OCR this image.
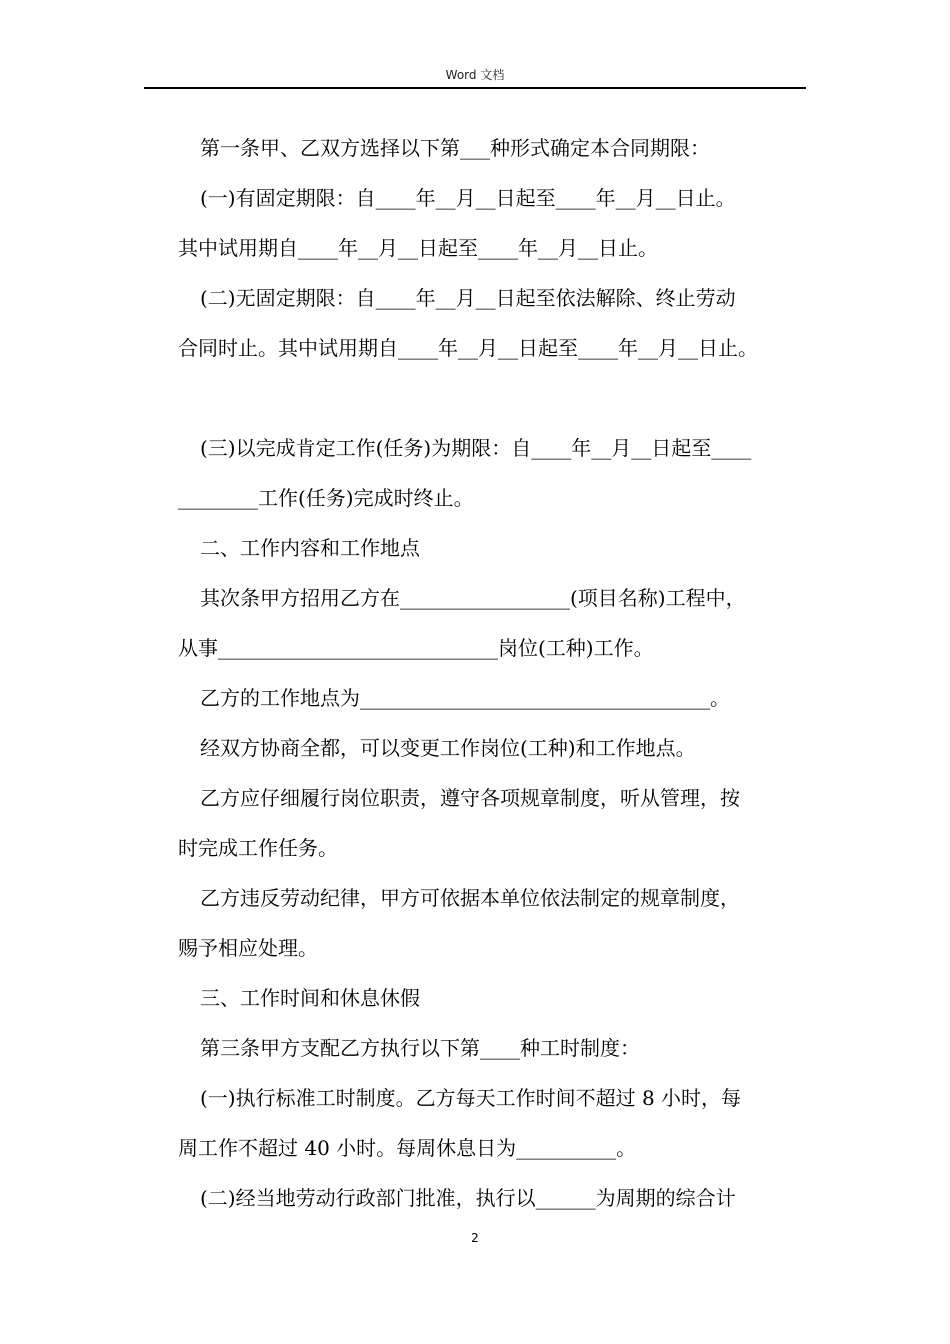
Word 文档
第一条甲、乙双方选择以下第___种形式确定本合同期限：
(一)有固定期限：自____年__月__日起至____年__月__日止。
其中试用期自____年__月__日起至____年__月__日止。
(二)无固定期限：自____年__月__日起至依法解除、终止劳动
合同时止。其中试用期自____年__月__日起至____年__月__日止。
(三)以完成肯定工作(任务)为期限：自____年__月__日起至____
________工作(任务)完成时终止。
二、工作内容和工作地点
其次条甲方招用乙方在_________________(项目名称)工程中，
从事____________________________岗位(工种)工作。
乙方的工作地点为___________________________________。
经双方协商全都，可以变更工作岗位(工种)和工作地点。
乙方应仔细履行岗位职责，遵守各项规章制度，听从管理，按
时完成工作任务。
乙方违反劳动纪律，甲方可依据本单位依法制定的规章制度，
赐予相应处理。
三、工作时间和休息休假
第三条甲方支配乙方执行以下第____种工时制度：
(一)执行标准工时制度。乙方每天工作时间不超过 8 小时，每
周工作不超过 40 小时。每周休息日为__________。
(二)经当地劳动行政部门批准，执行以______为周期的综合计
2
